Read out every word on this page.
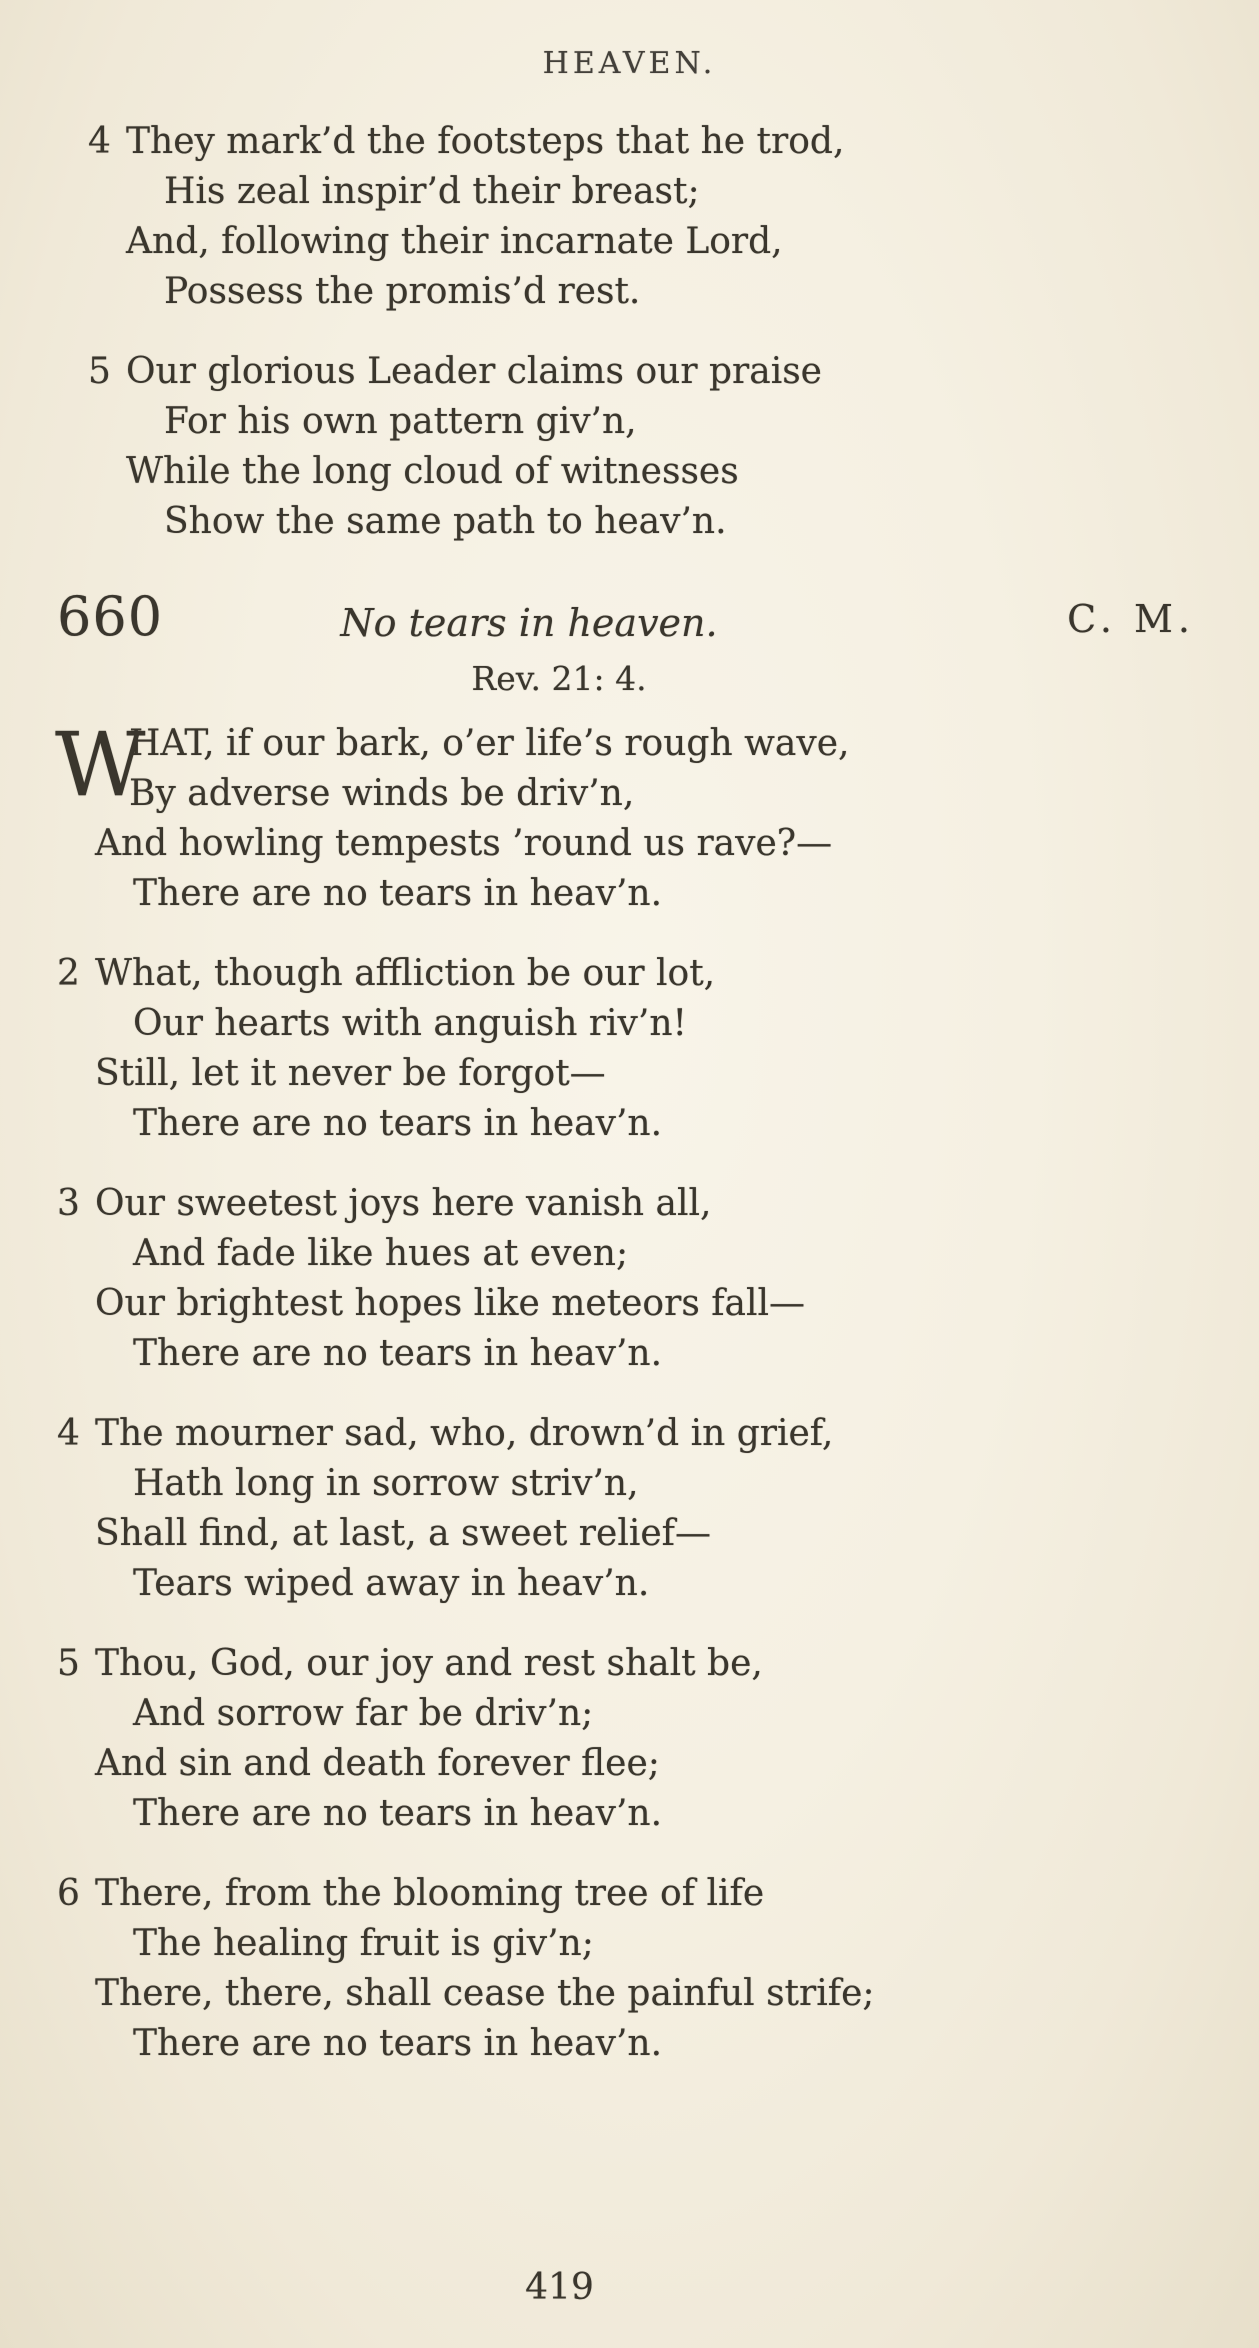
HEAVEN.
4 They mark’d the footsteps that he trod,
His zeal inspir’d their breast;
And, following their incarnate Lord,
Possess the promis’d rest.
5 Our glorious Leader claims our praise
For his own pattern giv’n,
While the long cloud of witnesses
Show the same path to heav’n.
660	No tears in heaven.	C. M.
Rev. 21: 4.
W
HAT, if our bark, o’er life’s rough wave,
By adverse winds be driv’n,
And howling tempests ’round us rave?—
There are no tears in heav’n.
2 What, though affliction be our lot,
Our hearts with anguish riv’n!
Still, let it never be forgot—
There are no tears in heav’n.
3 Our sweetest joys here vanish all,
And fade like hues at even;
Our brightest hopes like meteors fall—
There are no tears in heav’n.
4 The mourner sad, who, drown’d in grief,
Hath long in sorrow striv’n,
Shall find, at last, a sweet relief—
Tears wiped away in heav’n.
5 Thou, God, our joy and rest shalt be,
And sorrow far be driv’n;
And sin and death forever flee;
There are no tears in heav’n.
6 There, from the blooming tree of life
The healing fruit is giv’n;
There, there, shall cease the painful strife;
There are no tears in heav’n.
419
